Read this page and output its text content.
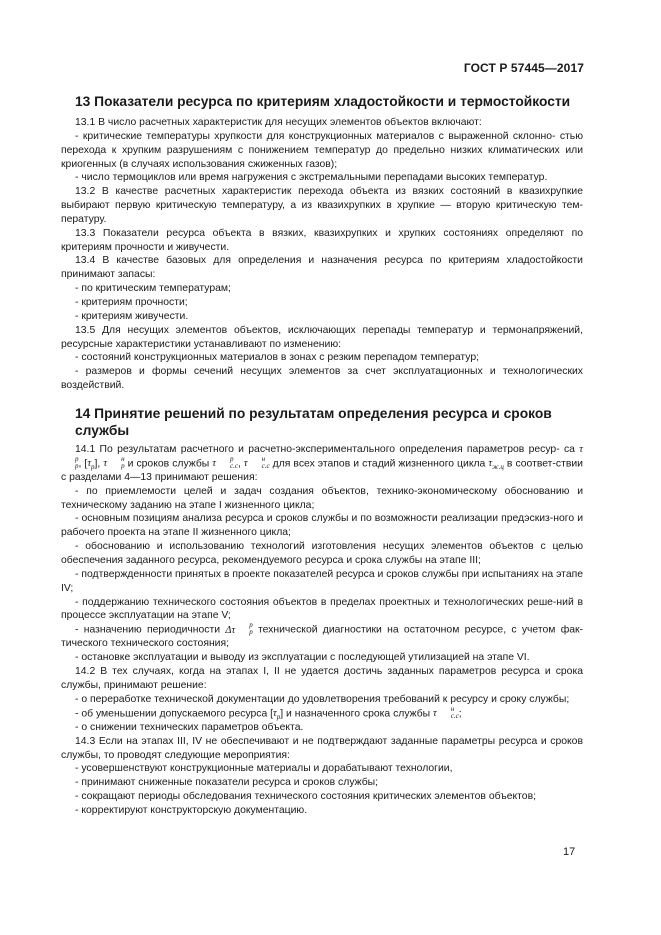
ГОСТ Р 57445—2017
13 Показатели ресурса по критериям хладостойкости и термостойкости

13.1 В число расчетных характеристик для несущих элементов объектов включают:

- критические температуры хрупкости для конструкционных материалов с выраженной склонно- стью перехода к хрупким разрушениям с понижением температур до предельно низких климатических или криогенных (в случаях использования сжиженных газов);

- число термоциклов или время нагружения с экстремальными перепадами высоких температур.

13.2 В качестве расчетных характеристик перехода объекта из вязких состояний в квазихрупкие выбирают первую критическую температуру, а из квазихрупких в хрупкие — вторую критическую тем-пературу.

13.3 Показатели ресурса объекта в вязких, квазихрупких и хрупких состояниях определяют по критериям прочности и живучести.

13.4 В качестве базовых для определения и назначения ресурса по критериям хладостойкости принимают запасы:

- по критическим температурам;

- критериям прочности;

- критериям живучести.

13.5 Для несущих элементов объектов, исключающих перепады температур и термонапряжений, ресурсные характеристики устанавливают по изменению:

- состояний конструкционных материалов в зонах с резким перепадом температур;

- размеров и формы сечений несущих элементов за счет эксплуатационных и технологических воздействий.

14 Принятие решений по результатам определения ресурса и сроков
службы

14.1 По результатам расчетного и расчетно-экспериментального определения параметров ресур- са τ
р
р , $[\tau_р]$, τ	н
р и сроков службы τ	р
с.с , τ	н
с.с для всех этапов и стадий жизненного цикла $\tau_{ж.ц}$ в соответ-ствии с разделами 4—13 принимают решения:

- по приемлемости целей и задач создания объектов, технико-экономическому обоснованию и техническому заданию на этапе I жизненного цикла;

- основным позициям анализа ресурса и сроков службы и по возможности реализации предэскиз-ного и рабочего проекта на этапе II жизненного цикла;

- обоснованию и использованию технологий изготовления несущих элементов объектов с целью обеспечения заданного ресурса, рекомендуемого ресурса и срока службы на этапе III;

- подтвержденности принятых в проекте показателей ресурса и сроков службы при испытаниях на этапе IV;

- поддержанию технического состояния объектов в пределах проектных и технологических реше-ний в процессе эксплуатации на этапе V;

- назначению периодичности Δτ	р
р технической диагностики на остаточном ресурсе, с учетом фак-тического технического состояния;

- остановке эксплуатации и выводу из эксплуатации с последующей утилизацией на этапе VI.

14.2 В тех случаях, когда на этапах I, II не удается достичь заданных параметров ресурса и срока службы, принимают решение:

- о переработке технической документации до удовлетворения требований к ресурсу и сроку службы;

- об уменьшении допускаемого ресурса $[\tau_р]$ и назначенного срока службы τ	н
с.с ;

- о снижении технических параметров объекта.

14.3 Если на этапах III, IV не обеспечивают и не подтверждают заданные параметры ресурса и сроков службы, то проводят следующие мероприятия:

- усовершенствуют конструкционные материалы и дорабатывают технологии,

- принимают сниженные показатели ресурса и сроков службы;

- сокращают периоды обследования технического состояния критических элементов объектов;

- корректируют конструкторскую документацию.

17
